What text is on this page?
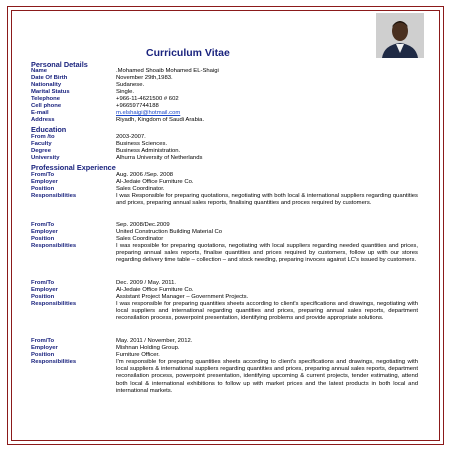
Curriculum Vitae
Personal Details
Name	.Mohamed Shoaib Mohamed EL-Shaigi
Date Of Birth	November 29th,1983.
Nationality	Sudanese.
Marital Status	Single.
Telephone	+966-11-4621500 # 602
Cell phone	+966597744188
E-mail	m.elshaigi@hotmail.com
Address	Riyadh, Kingdom of Saudi Arabia.
Education
From /to	2003-2007.
Faculty	Business Sciences.
Degree	Business Administration.
University	Alhurra University of Netherlands
Professional Experience
From/To	Aug. 2006 /Sep. 2008
Employer	Al-Jedaie Office Furniture Co.
Position	Sales Coordinator.
Responsibilities	I was Responsible for preparing quotations, negotiating with both local & international suppliers regarding quantities and prices, preparing annual sales reports, finalising quantities and proces required by customers.
From/To	Sep. 2008/Dec.2009
Employer	United Construction Building Material Co
Position	Sales Coordinator
Responsibilities	I was resposible for preparing quotations, negotiating with local suppliers regarding needed quantities and prices, preparing annual sales reports, finalise quantities and prices required by customers, follow up with our stores regarding delivery time table – collection – and stock needing, preparing invoces against LC's issued by customers.
From/To	Dec. 2009 / May. 2011.
Employer	Al-Jedaie Office Furniture Co.
Position	Assistant Project Manager – Government Projects.
Responsibilities	I was responsible for preparing quantities sheets according to client's specifications and drawings, negotiating with local suppliers and international regarding quantities and prices, preparing annual sales reports, department reconsilation process, powerpoint presentation, identifying problems and provide appropriate solutions.
From/To	May. 2011 / November, 2012.
Employer	Mishnan Holding Group.
Position	Furniture Officer.
Responsibilities	I'm responsible for preparing quantities sheets according to client's specifications and drawings, negotiating with local suppliers & international suppliers regarding quantities and prices, preparing annual sales reports, department reconsilation process, powerpoint presentation, identifying upcoming & current projects, tender estimating, attend both local & international exhibitions to follow up with market prices and the latest products in both local and international markets.
